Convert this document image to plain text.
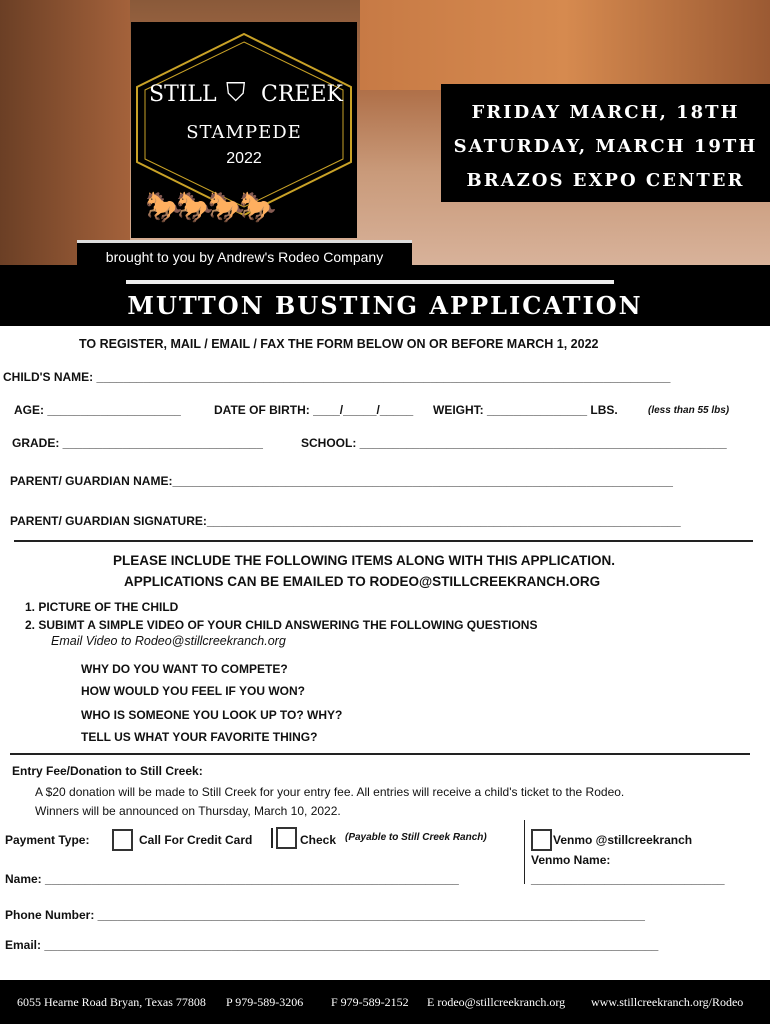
STILL ⛉ CREEK
STAMPEDE
2022
🐎🐎🐎🐎
FRIDAY MARCH, 18TH
SATURDAY, MARCH 19TH
BRAZOS EXPO CENTER
brought to you by Andrew's Rodeo Company
MUTTON BUSTING APPLICATION
TO REGISTER, MAIL / EMAIL / FAX THE FORM BELOW ON OR BEFORE MARCH 1, 2022
CHILD'S NAME: ______________________________________________________________________________________
AGE: ____________________	DATE OF BIRTH: ____/_____/_____ WEIGHT: _______________ LBS.	(less than 55 lbs)
GRADE: ______________________________	SCHOOL: _______________________________________________________
PARENT/ GUARDIAN NAME:___________________________________________________________________________
PARENT/ GUARDIAN SIGNATURE:_______________________________________________________________________
PLEASE INCLUDE THE FOLLOWING ITEMS ALONG WITH THIS APPLICATION.
APPLICATIONS CAN BE EMAILED TO RODEO@STILLCREEKRANCH.ORG
1. PICTURE OF THE CHILD
2. SUBIMT A SIMPLE VIDEO OF YOUR CHILD ANSWERING THE FOLLOWING QUESTIONS
Email Video to Rodeo@stillcreekranch.org
WHY DO YOU WANT TO COMPETE?
HOW WOULD YOU FEEL IF YOU WON?
WHO IS SOMEONE YOU LOOK UP TO? WHY?
TELL US WHAT YOUR FAVORITE THING?
Entry Fee/Donation to Still Creek:
A $20 donation will be made to Still Creek for your entry fee. All entries will receive a child's ticket to the Rodeo.
Winners will be announced on Thursday, March 10, 2022.
Payment Type:	Call For Credit Card	Check (Payable to Still Creek Ranch)	Venmo @stillcreekranch
Venmo Name:
_____________________________
Name: ______________________________________________________________
Phone Number: __________________________________________________________________________________
Email: ____________________________________________________________________________________________
6055 Hearne Road Bryan, Texas 77808 P 979-589-3206 F 979-589-2152 E rodeo@stillcreekranch.org www.stillcreekranch.org/Rodeo
